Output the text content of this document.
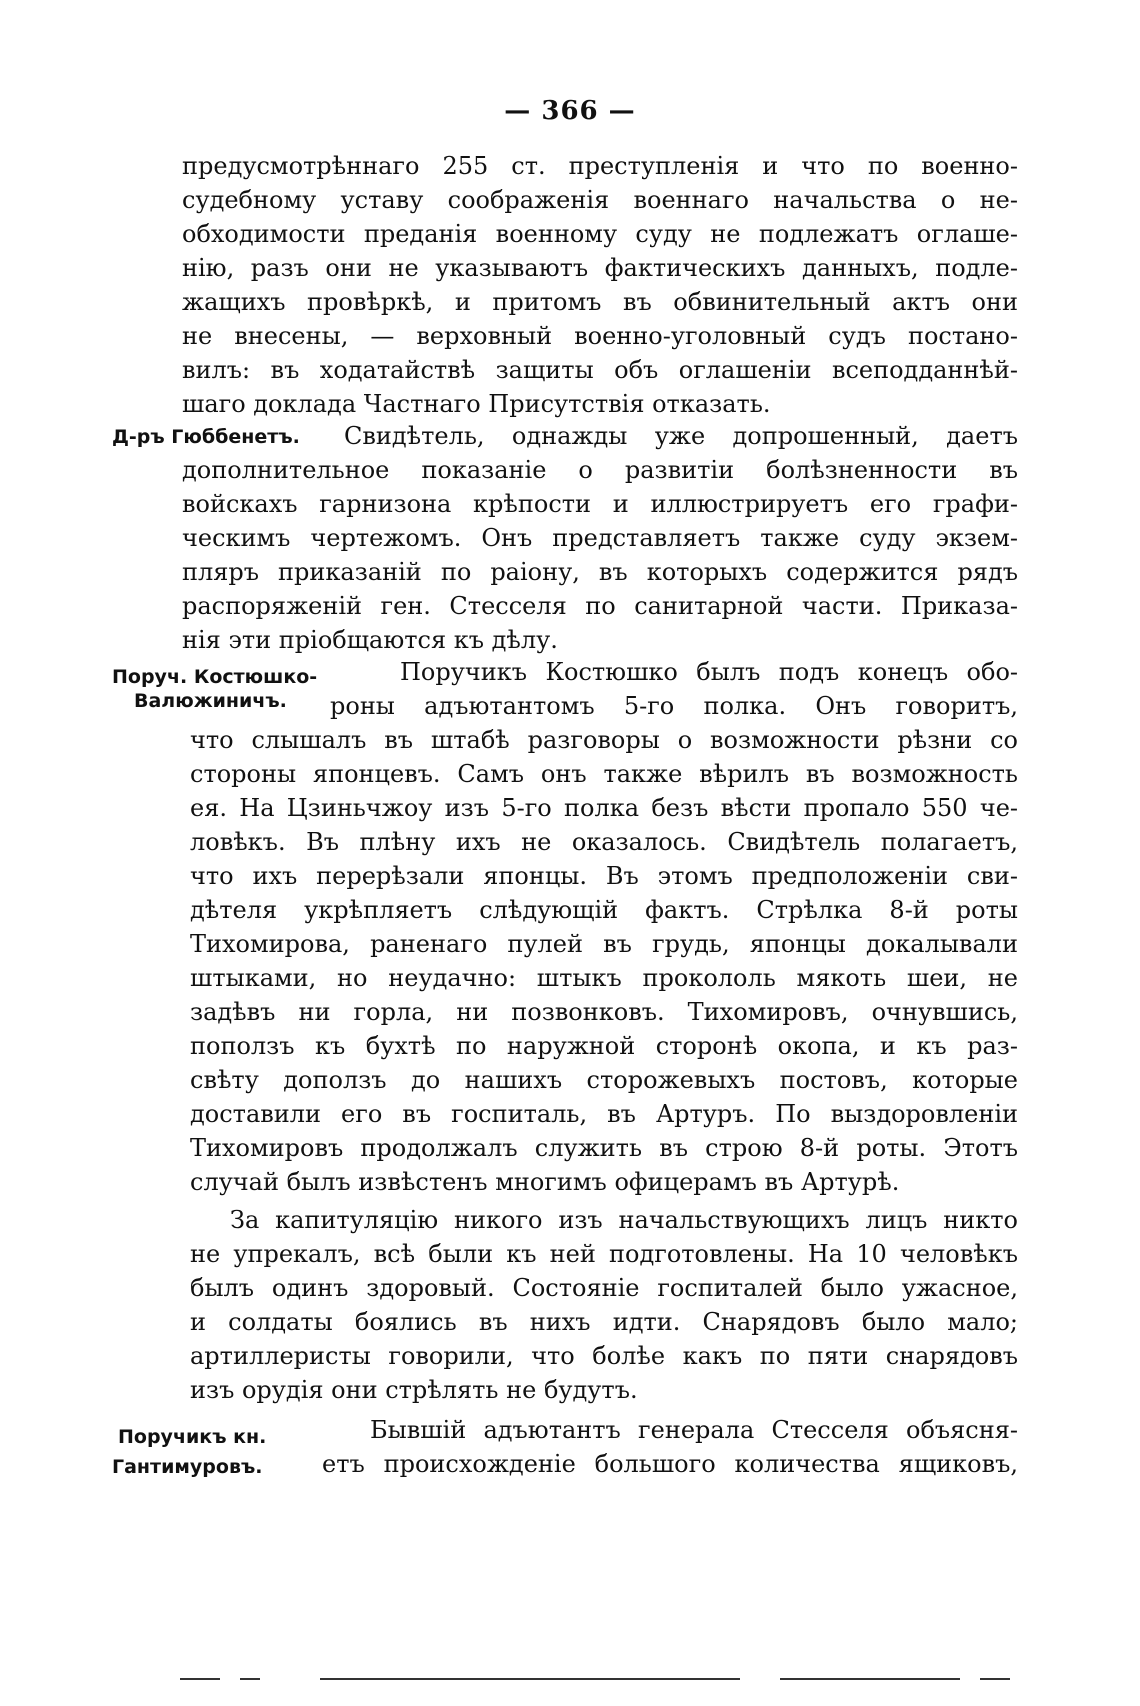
— 366 —
предусмотрѣннаго 255 ст. преступленія и что по военно-
судебному уставу соображенія военнаго начальства о не-
обходимости преданія военному суду не подлежатъ оглаше-
нію, разъ они не указываютъ фактическихъ данныхъ, подле-
жащихъ провѣркѣ, и притомъ въ обвинительный актъ они
не внесены, — верховный военно-уголовный судъ постано-
вилъ: въ ходатайствѣ защиты объ оглашеніи всеподданнѣй-
шаго доклада Частнаго Присутствія отказать.
Д-ръ Гюббенетъ. Свидѣтель, однажды уже допрошенный, даетъ
дополнительное показаніе о развитіи болѣзненности въ
войскахъ гарнизона крѣпости и иллюстрируетъ его графи-
ческимъ чертежомъ. Онъ представляетъ также суду экзем-
пляръ приказаній по раіону, въ которыхъ содержится рядъ
распоряженій ген. Стесселя по санитарной части. Приказа-
нія эти пріобщаются къ дѣлу.
Поруч. Костюшко-
Валюжиничъ.
Поручикъ Костюшко былъ подъ конецъ обо-
роны адъютантомъ 5-го полка. Онъ говоритъ,
что слышалъ въ штабѣ разговоры о возможности рѣзни со
стороны японцевъ. Самъ онъ также вѣрилъ въ возможность
ея. На Цзиньчжоу изъ 5-го полка безъ вѣсти пропало 550 че-
ловѣкъ. Въ плѣну ихъ не оказалось. Свидѣтель полагаетъ,
что ихъ перерѣзали японцы. Въ этомъ предположеніи сви-
дѣтеля укрѣпляетъ слѣдующій фактъ. Стрѣлка 8-й роты
Тихомирова, раненаго пулей въ грудь, японцы докалывали
штыками, но неудачно: штыкъ прокололь мякоть шеи, не
задѣвъ ни горла, ни позвонковъ. Тихомировъ, очнувшись,
поползъ къ бухтѣ по наружной сторонѣ окопа, и къ раз-
свѣту доползъ до нашихъ сторожевыхъ постовъ, которые
доставили его въ госпиталь, въ Артуръ. По выздоровленіи
Тихомировъ продолжалъ служить въ строю 8-й роты. Этотъ
случай былъ извѣстенъ многимъ офицерамъ въ Артурѣ.
За капитуляцію никого изъ начальствующихъ лицъ никто
не упрекалъ, всѣ были къ ней подготовлены. На 10 человѣкъ
былъ одинъ здоровый. Состояніе госпиталей было ужасное,
и солдаты боялись въ нихъ идти. Снарядовъ было мало;
артиллеристы говорили, что болѣе какъ по пяти снарядовъ
изъ орудія они стрѣлять не будутъ.
Поручикъ кн.
Гантимуровъ.
Бывшій адъютантъ генерала Стесселя объясня-
етъ происхожденіе большого количества ящиковъ,
